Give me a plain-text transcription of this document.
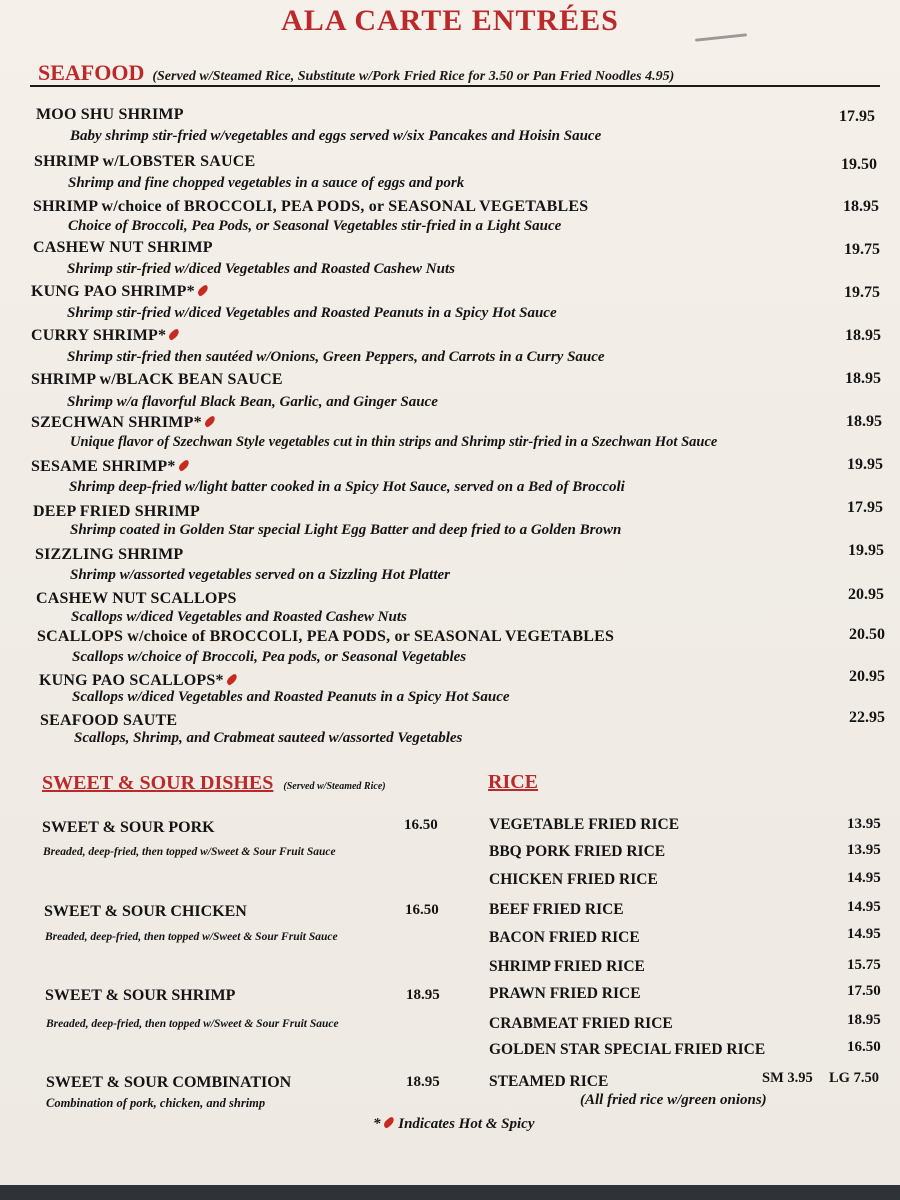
ALA CARTE ENTRÉES
SEAFOOD (Served w/Steamed Rice, Substitute w/Pork Fried Rice for 3.50 or Pan Fried Noodles 4.95)
MOO SHU SHRIMP
Baby shrimp stir-fried w/vegetables and eggs served w/six Pancakes and Hoisin Sauce
17.95
SHRIMP w/LOBSTER SAUCE
Shrimp and fine chopped vegetables in a sauce of eggs and pork
19.50
SHRIMP w/choice of BROCCOLI, PEA PODS, or SEASONAL VEGETABLES
Choice of Broccoli, Pea Pods, or Seasonal Vegetables stir-fried in a Light Sauce
18.95
CASHEW NUT SHRIMP
Shrimp stir-fried w/diced Vegetables and Roasted Cashew Nuts
19.75
KUNG PAO SHRIMP*
Shrimp stir-fried w/diced Vegetables and Roasted Peanuts in a Spicy Hot Sauce
19.75
CURRY SHRIMP*
Shrimp stir-fried then sautéed w/Onions, Green Peppers, and Carrots in a Curry Sauce
18.95
SHRIMP w/BLACK BEAN SAUCE
Shrimp w/a flavorful Black Bean, Garlic, and Ginger Sauce
18.95
SZECHWAN SHRIMP*
Unique flavor of Szechwan Style vegetables cut in thin strips and Shrimp stir-fried in a Szechwan Hot Sauce
18.95
SESAME SHRIMP*
Shrimp deep-fried w/light batter cooked in a Spicy Hot Sauce, served on a Bed of Broccoli
19.95
DEEP FRIED SHRIMP
Shrimp coated in Golden Star special Light Egg Batter and deep fried to a Golden Brown
17.95
SIZZLING SHRIMP
Shrimp w/assorted vegetables served on a Sizzling Hot Platter
19.95
CASHEW NUT SCALLOPS
Scallops w/diced Vegetables and Roasted Cashew Nuts
20.95
SCALLOPS w/choice of BROCCOLI, PEA PODS, or SEASONAL VEGETABLES
Scallops w/choice of Broccoli, Pea pods, or Seasonal Vegetables
20.50
KUNG PAO SCALLOPS*
Scallops w/diced Vegetables and Roasted Peanuts in a Spicy Hot Sauce
20.95
SEAFOOD SAUTE
Scallops, Shrimp, and Crabmeat sauteed w/assorted Vegetables
22.95
SWEET & SOUR DISHES (Served w/Steamed Rice)
SWEET & SOUR PORK	16.50
Breaded, deep-fried, then topped w/Sweet & Sour Fruit Sauce
SWEET & SOUR CHICKEN	16.50
Breaded, deep-fried, then topped w/Sweet & Sour Fruit Sauce
SWEET & SOUR SHRIMP	18.95
Breaded, deep-fried, then topped w/Sweet & Sour Fruit Sauce
SWEET & SOUR COMBINATION	18.95
Combination of pork, chicken, and shrimp
RICE
VEGETABLE FRIED RICE	13.95
BBQ PORK FRIED RICE	13.95
CHICKEN FRIED RICE	14.95
BEEF FRIED RICE	14.95
BACON FRIED RICE	14.95
SHRIMP FRIED RICE	15.75
PRAWN FRIED RICE	17.50
CRABMEAT FRIED RICE	18.95
GOLDEN STAR SPECIAL FRIED RICE	16.50
STEAMED RICE	SM 3.95 LG 7.50
(All fried rice w/green onions)
* Indicates Hot & Spicy
